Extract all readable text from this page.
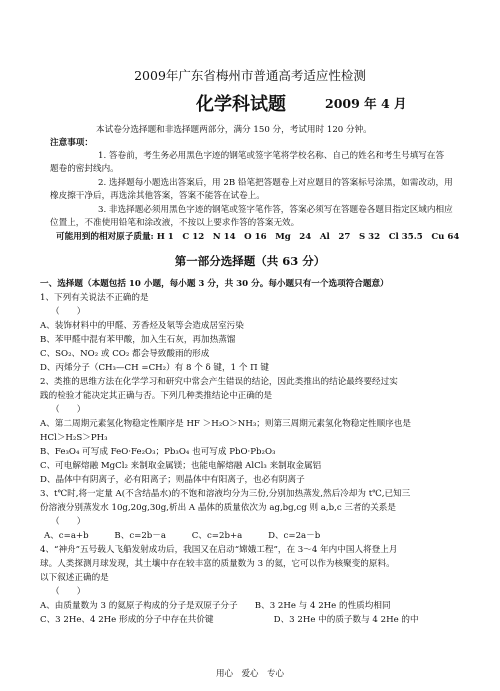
2009年广东省梅州市普通高考适应性检测
化学科试题	2009 年 4 月
本试卷分选择题和非选择题两部分，满分 150 分，考试用时 120 分钟。
注意事项：
1. 答卷前，考生务必用黑色字迹的钢笔或签字笔将学校名称、自己的姓名和考生号填写在答
题卷的密封线内。
2. 选择题每小题选出答案后，用 2B 铅笔把答题卷上对应题目的答案标号涂黑，如需改动，用
橡皮擦干净后，再选涂其他答案，答案不能答在试卷上。
3. 非选择题必须用黑色字迹的钢笔或签字笔作答，答案必须写在答题卷各题目指定区域内相应
位置上，不准使用铅笔和涂改液，不按以上要求作答的答案无效。
可能用到的相对原子质量: H 1　C 12　N 14　O 16　Mg　24　Al　27　S 32　Cl 35.5　Cu 64
第一部分选择题（共 63 分）
一、选择题（本题包括 10 小题，每小题 3 分，共 30 分。每小题只有一个选项符合题意）
1、下列有关说法不正确的是
（　　）
A、装饰材料中的甲醛、芳香烃及氡等会造成居室污染
B、苯甲醛中混有苯甲酸，加入生石灰，再加热蒸馏
C、SO₂、NO₂ 或 CO₂ 都会导致酸雨的形成
D、丙烯分子（CH₃—CH =CH₂）有 8 个 δ 键，1 个 Π 键
2、类推的思维方法在化学学习和研究中常会产生错误的结论，因此类推出的结论最终要经过实
践的检验才能决定其正确与否。下列几种类推结论中正确的是
（　　）
A、第二周期元素氢化物稳定性顺序是 HF ＞H₂O＞NH₃；则第三周期元素氢化物稳定性顺序也是
HCl＞H₂S＞PH₃
B、Fe₃O₄ 可写成 FeO·Fe₂O₃；Pb₃O₄ 也可写成 PbO·Pb₂O₃
C、可电解熔融 MgCl₂ 来制取金属镁；也能电解熔融 AlCl₃ 来制取金属铝
D、晶体中有阴离子，必有阳离子；则晶体中有阳离子，也必有阴离子
3、t℃时,将一定量 A(不含结晶水)的不饱和溶液均分为三份,分别加热蒸发,然后冷却为 t℃,已知三
份溶液分别蒸发水 10g,20g,30g,析出 A 晶体的质量依次为 ag,bg,cg 则 a,b,c 三者的关系是
（　　）
A、c=a+b　　　B、c=2b－a　　　C、c=2b+a　　　D、c=2a－b
4、“神舟”五号载人飞船发射成功后，我国又在启动“嫦娥工程”，在 3～4 年内中国人将登上月
球。人类探测月球发现，其土壤中存在较丰富的质量数为 3 的氦，它可以作为核聚变的原料。
以下叙述正确的是
（　　）
A、由质量数为 3 的氦原子构成的分子是双原子分子　　B、3 2He 与 4 2He 的性质均相同
C、3 2He、4 2He 形成的分子中存在共价键　　　　　　　D、3 2He 中的质子数与 4 2He 的中
用心　爱心　专心
